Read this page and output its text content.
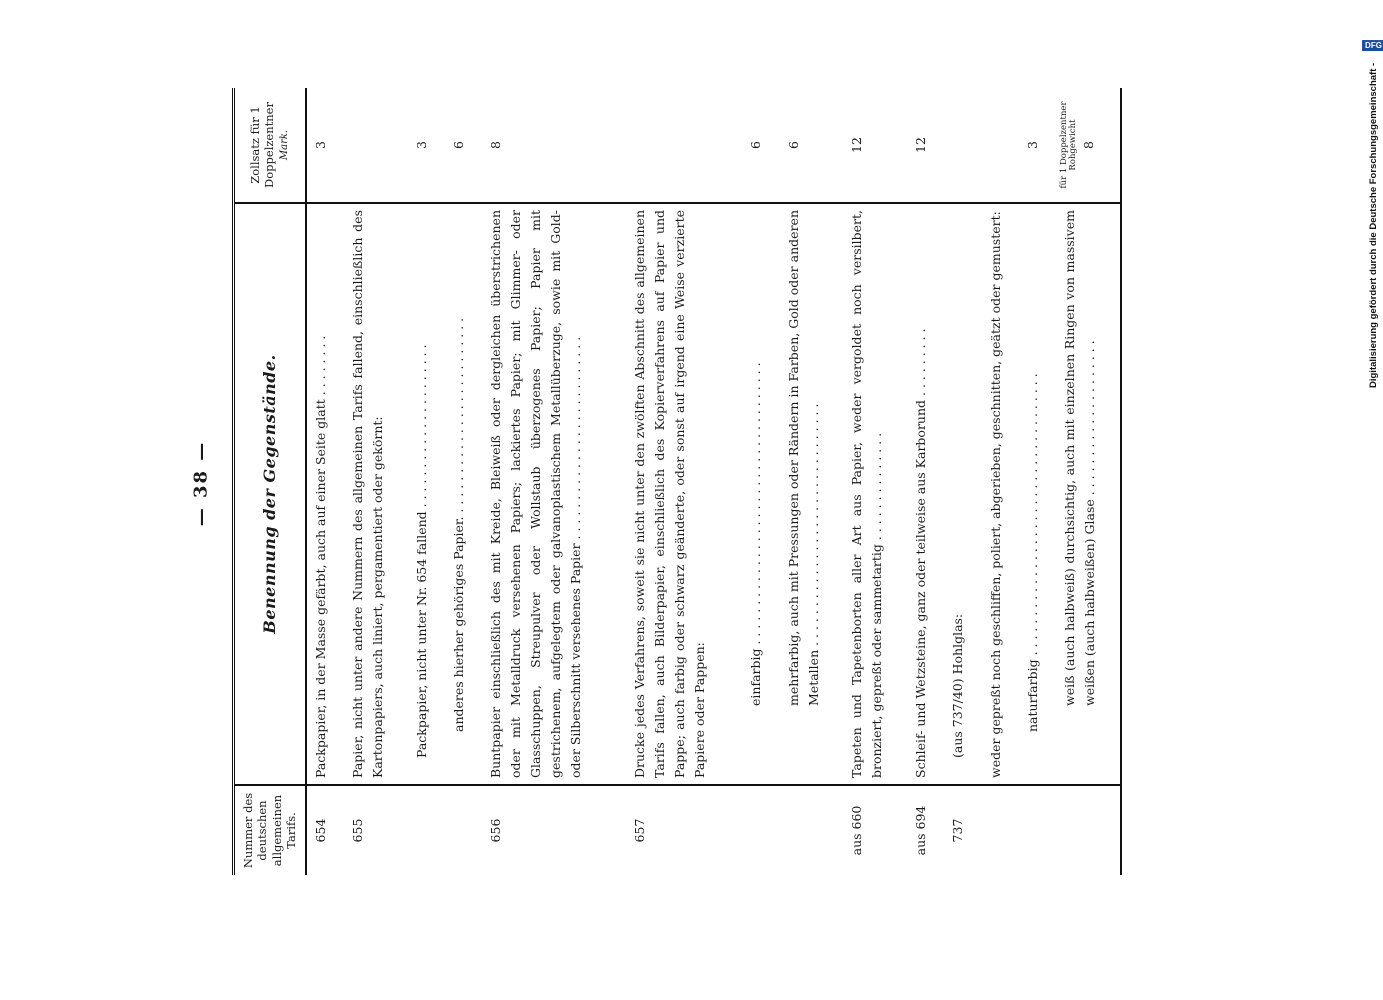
— 38 —
Digitalisierung gefördert durch die Deutsche Forschungsgemeinschaft -
DFG
Nummer des deutschen allgemeinen Tarifs.	Benennung der Gegenstände.	Zollsatz für 1 Doppelzentner Mark.
654	Packpapier, in der Masse gefärbt, auch auf einer Seite glatt . . . . . . . .	3
655	Papier, nicht unter andere Nummern des allgemeinen Tarifs fallend, einschließlich des Kartonpapiers, auch liniert, pergamentiert oder gekörnt:	
	Packpapier, nicht unter Nr. 654 fallend . . . . . . . . . . . . . . . . . . . . .	3
	anderes hierher gehöriges Papier. . . . . . . . . . . . . . . . . . . . . . . . . .	6
656	Buntpapier einschließlich des mit Kreide, Bleiweiß oder dergleichen überstrichenen oder mit Metalldruck versehenen Papiers; lackiertes Papier; mit Glimmer- oder Glasschuppen, Streupulver oder Wollstaub überzogenes Papier; Papier mit gestrichenem, aufgelegtem oder galvanoplastischem Metallüberzuge, sowie mit Gold- oder Silberschnitt versehenes Papier . . . . . . . . . . . . . . . . . . . . . . . . . .	8
657	Drucke jedes Verfahrens, soweit sie nicht unter den zwölften Abschnitt des allgemeinen Tarifs fallen, auch Bilderpapier, einschließlich des Kopierverfahrens auf Papier und Pappe; auch farbig oder schwarz geänderte, oder sonst auf irgend eine Weise verzierte Papiere oder Pappen:	
	einfarbig . . . . . . . . . . . . . . . . . . . . . . . . . . . . . . . . . . . .	6
	mehrfarbig, auch mit Pressungen oder Rändern in Farben, Gold oder anderen Metallen . . . . . . . . . . . . . . . . . . . . . . . . . . . . . . .	6
aus 660	Tapeten und Tapetenborten aller Art aus Papier, weder vergoldet noch versilbert, bronziert, gepreßt oder sammetartig . . . . . . . . . . . . . .	12
aus 694	Schleif- und Wetzsteine, ganz oder teilweise aus Karborund . . . . . . . . .	12
737	(aus 737/40) Hohlglas:	
	weder gepreßt noch geschliffen, poliert, abgerieben, geschnitten, geätzt oder gemustert:	
	naturfarbig . . . . . . . . . . . . . . . . . . . . . . . . . . . . . . . . . . . .	3
	weiß (auch halbweiß) durchsichtig, auch mit einzelnen Ringen von massivem weißen (auch halbweißen) Glase . . . . . . . . . . . . . . . . . . . .	für 1 Doppelzentner Rohgewicht 8
